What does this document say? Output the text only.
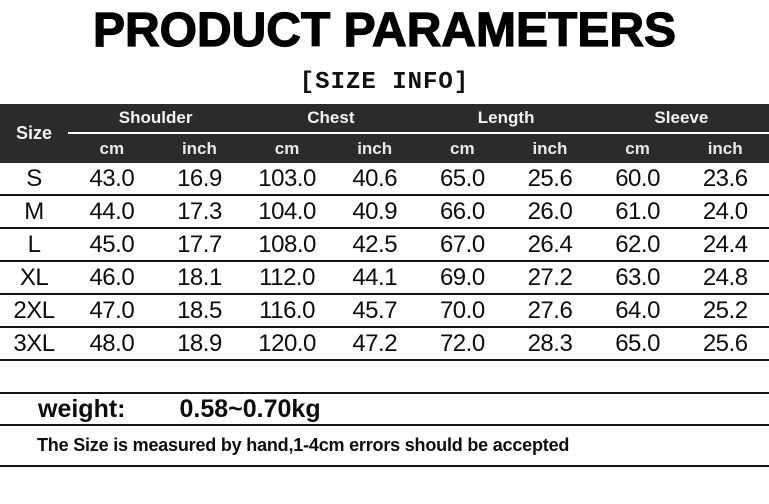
PRODUCT PARAMETERS
[SIZE INFO]
Size
Shoulder	Chest	Length	Sleeve
cm	inch	cm	inch	cm	inch	cm	inch
S	43.0	16.9	103.0	40.6	65.0	25.6	60.0	23.6
M	44.0	17.3	104.0	40.9	66.0	26.0	61.0	24.0
L	45.0	17.7	108.0	42.5	67.0	26.4	62.0	24.4
XL	46.0	18.1	112.0	44.1	69.0	27.2	63.0	24.8
2XL	47.0	18.5	116.0	45.7	70.0	27.6	64.0	25.2
3XL	48.0	18.9	120.0	47.2	72.0	28.3	65.0	25.6
weight: 0.58~0.70kg
The Size is measured by hand,1-4cm errors should be accepted
